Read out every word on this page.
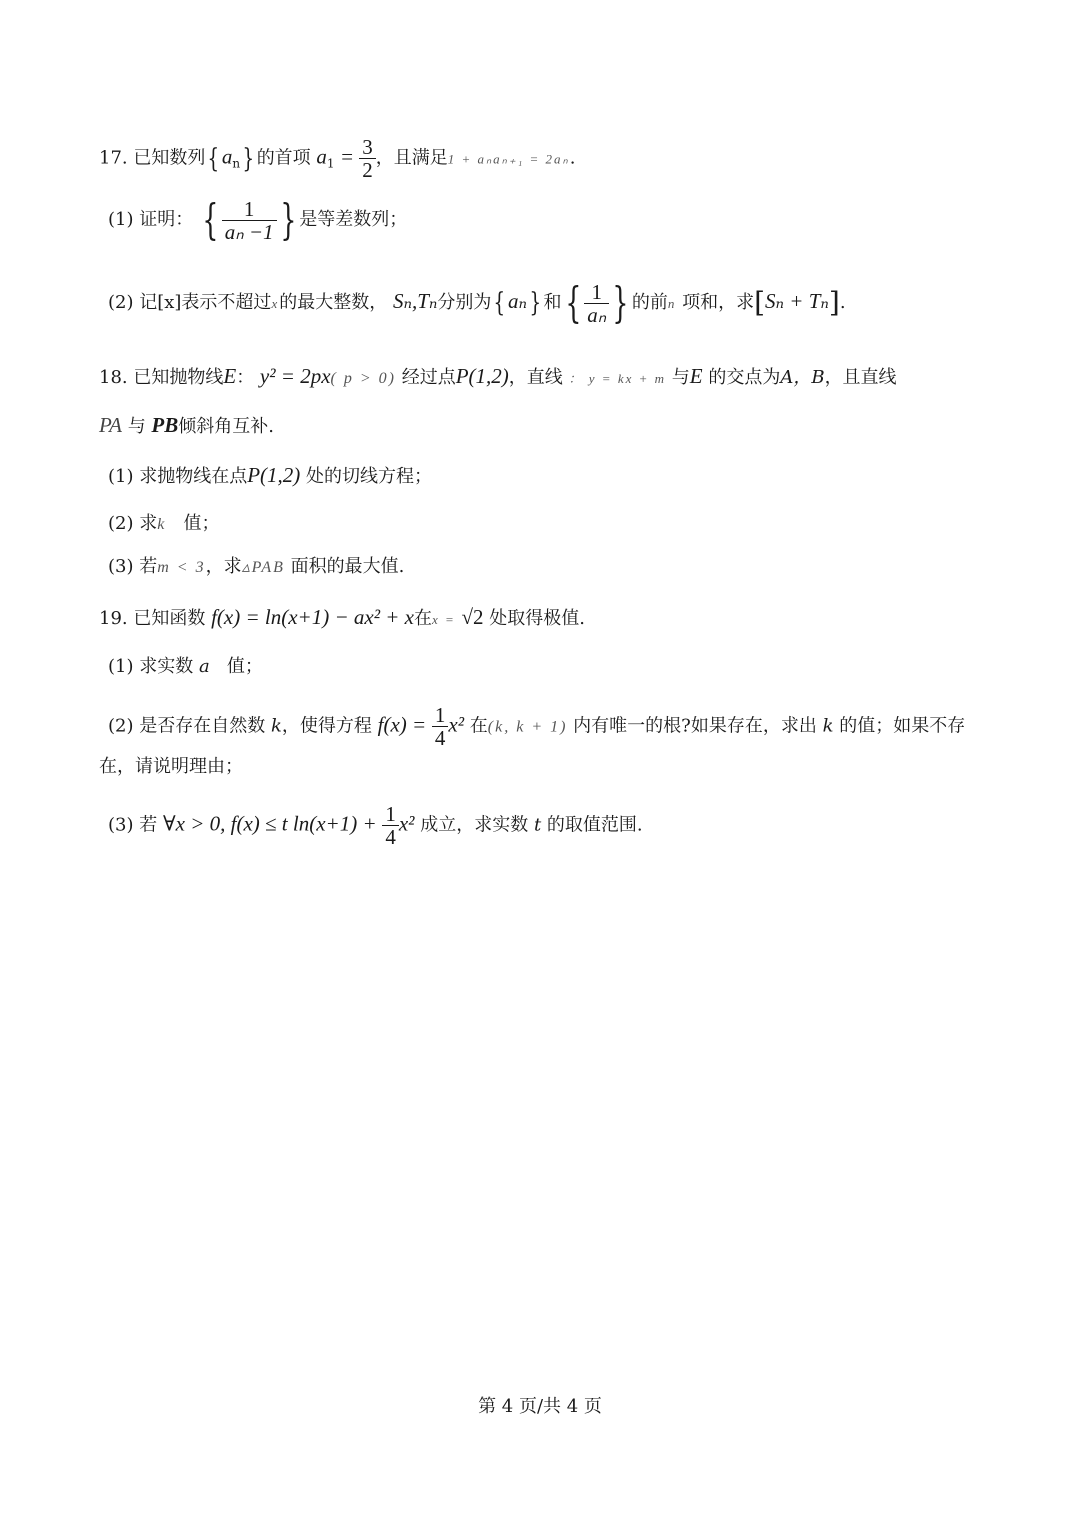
17. 已知数列{ $a_n$} 的首项 $a_1 = \frac{3}{2}$ ，且满足1 + aₙaₙ₊₁ = 2aₙ.
(1) 证明： { $\frac{1}{\text{aₙ −1}}$ } 是等差数列；
(2) 记[x]表示不超过x的最大整数， Sₙ,Tₙ分别为{ aₙ} 和{ $\frac{1}{\text{aₙ}}$ } 的前n 项和，求[Sₙ + Tₙ].
18. 已知抛物线E： y² = 2px( p > 0) 经过点P(1,2)，直线 ： y = kx + m 与E 的交点为A，B，且直线
PA 与 PB倾斜角互补.
(1) 求抛物线在点P(1,2) 处的切线方程；
(2) 求k 值；
(3) 若m < 3，求▵PAB 面积的最大值.
19. 已知函数 f(x) = ln(x+1) − ax² + x在x = √2 处取得极值.
(1) 求实数 a 值；
(2) 是否存在自然数 k，使得方程 $f(x) = \frac{1}{4} x^2$ 在(k, k + 1) 内有唯一的根?如果存在，求出 k 的值；如果不存
在，请说明理由；
(3) 若 ∀x > 0, f(x) ≤ t $\ln(x+1) + \frac{1}{4} x^2$ 成立，求实数 t 的取值范围.
第 4 页/共 4 页
